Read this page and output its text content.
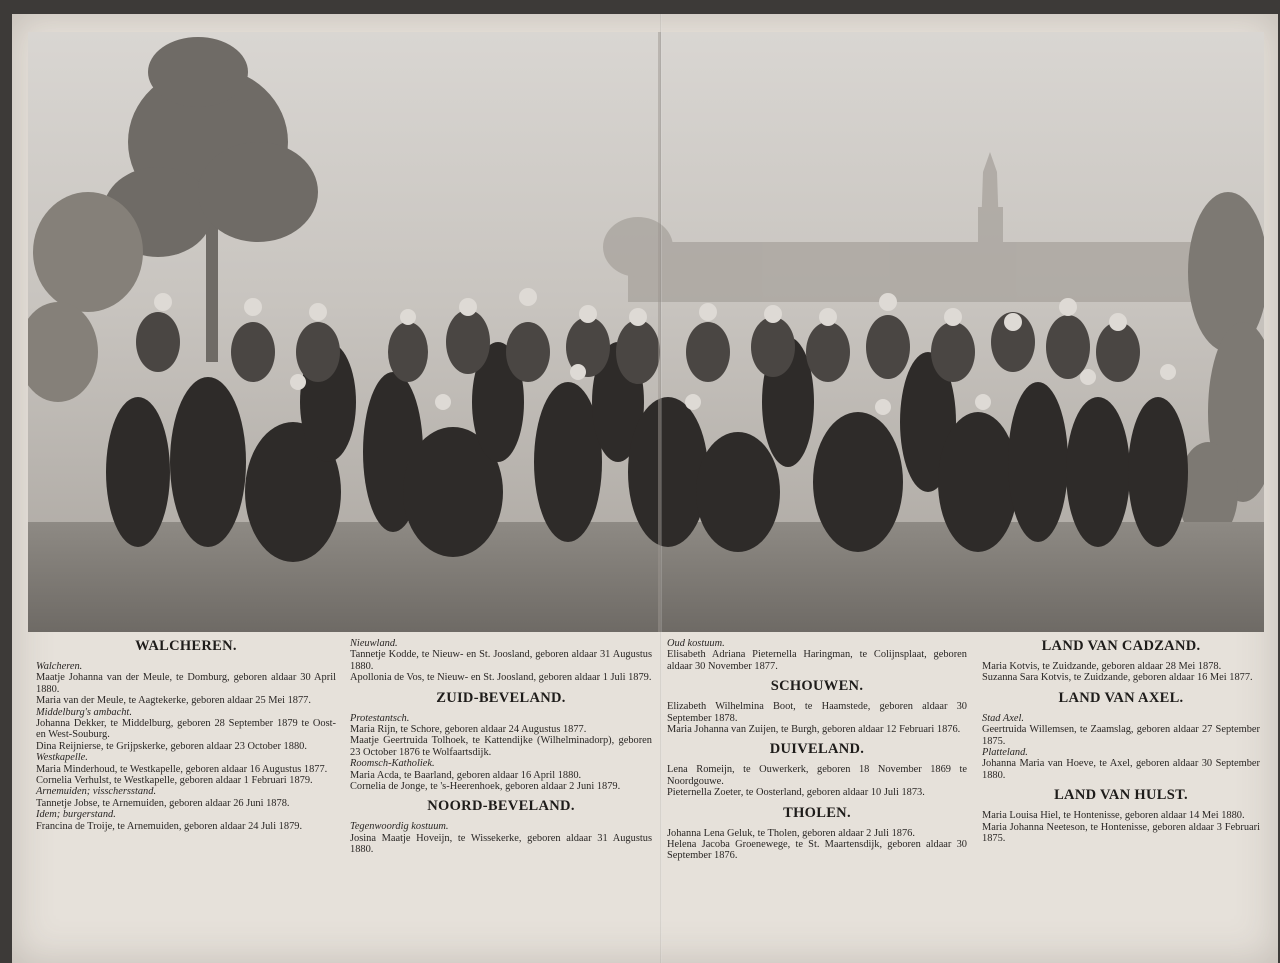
WALCHEREN.
Walcheren.
Maatje Johanna van der Meule, te Domburg, geboren aldaar 30 April 1880.
Maria van der Meule, te Aagtekerke, geboren aldaar 25 Mei 1877.
Middelburg's ambacht.
Johanna Dekker, te Middelburg, geboren 28 September 1879 te Oost- en West-Souburg.
Dina Reijnierse, te Grijpskerke, geboren aldaar 23 October 1880.
Westkapelle.
Maria Minderhoud, te Westkapelle, geboren aldaar 16 Augustus 1877.
Cornelia Verhulst, te Westkapelle, geboren aldaar 1 Februari 1879.
Arnemuiden; visschersstand.
Tannetje Jobse, te Arnemuiden, geboren aldaar 26 Juni 1878.
Idem; burgerstand.
Francina de Troije, te Arnemuiden, geboren aldaar 24 Juli 1879.
Nieuwland.
Tannetje Kodde, te Nieuw- en St. Joosland, geboren aldaar 31 Augustus 1880.
Apollonia de Vos, te Nieuw- en St. Joosland, geboren aldaar 1 Juli 1879.
ZUID-BEVELAND.
Protestantsch.
Maria Rijn, te Schore, geboren aldaar 24 Augustus 1877.
Maatje Geertruida Tolhoek, te Kattendijke (Wilhelminadorp), geboren 23 October 1876 te Wolfaartsdijk.
Roomsch-Katholiek.
Maria Acda, te Baarland, geboren aldaar 16 April 1880.
Cornelia de Jonge, te 's-Heerenhoek, geboren aldaar 2 Juni 1879.
NOORD-BEVELAND.
Tegenwoordig kostuum.
Josina Maatje Hoveijn, te Wissekerke, geboren aldaar 31 Augustus 1880.
Oud kostuum.
Elisabeth Adriana Pieternella Haringman, te Colijnsplaat, geboren aldaar 30 November 1877.
SCHOUWEN.
Elizabeth Wilhelmina Boot, te Haamstede, geboren aldaar 30 September 1878.
Maria Johanna van Zuijen, te Burgh, geboren aldaar 12 Februari 1876.
DUIVELAND.
Lena Romeijn, te Ouwerkerk, geboren 18 November 1869 te Noordgouwe.
Pieternella Zoeter, te Oosterland, geboren aldaar 10 Juli 1873.
THOLEN.
Johanna Lena Geluk, te Tholen, geboren aldaar 2 Juli 1876.
Helena Jacoba Groenewege, te St. Maartensdijk, geboren aldaar 30 September 1876.
LAND VAN CADZAND.
Maria Kotvis, te Zuidzande, geboren aldaar 28 Mei 1878.
Suzanna Sara Kotvis, te Zuidzande, geboren aldaar 16 Mei 1877.
LAND VAN AXEL.
Stad Axel.
Geertruida Willemsen, te Zaamslag, geboren aldaar 27 September 1875.
Platteland.
Johanna Maria van Hoeve, te Axel, geboren aldaar 30 September 1880.
LAND VAN HULST.
Maria Louisa Hiel, te Hontenisse, geboren aldaar 14 Mei 1880.
Maria Johanna Neeteson, te Hontenisse, geboren aldaar 3 Februari 1875.
